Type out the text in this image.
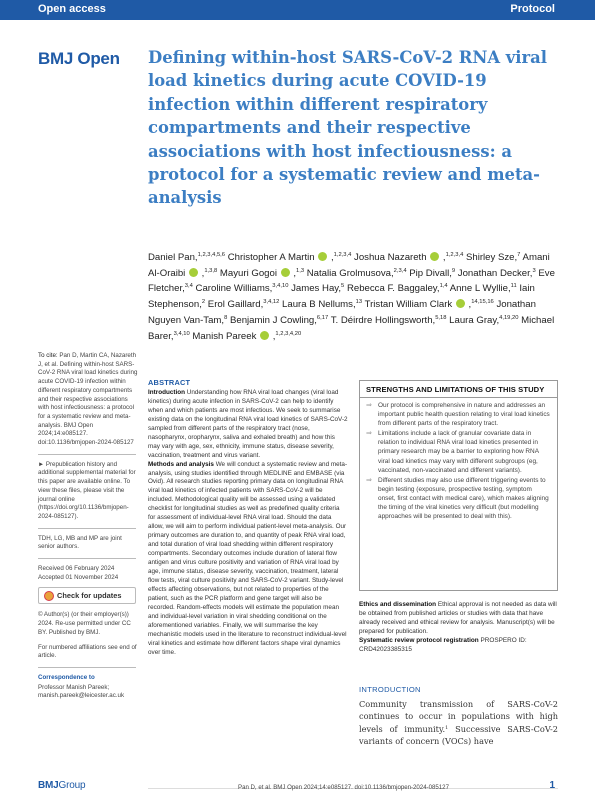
Open access	Protocol
BMJ Open Defining within-host SARS-CoV-2 RNA viral load kinetics during acute COVID-19 infection within different respiratory compartments and their respective associations with host infectiousness: a protocol for a systematic review and meta-analysis
Daniel Pan,$^{1,2,3,4,5,6}$ Christopher A Martin  ,$^{1,2,3,4}$ Joshua Nazareth  ,$^{1,2,3,4}$ Shirley Sze,$^7$ Amani Al-Oraibi  ,$^{1,3,8}$ Mayuri Gogoi  ,$^{1,3}$ Natalia Grolmusova,$^{2,3,4}$ Pip Divall,$^9$ Jonathan Decker,$^3$ Eve Fletcher,$^{3,4}$ Caroline Williams,$^{3,4,10}$ James Hay,$^5$ Rebecca F. Baggaley,$^{1,4}$ Anne L Wyllie,$^{11}$ Iain Stephenson,$^2$ Erol Gaillard,$^{3,4,12}$ Laura B Nellums,$^{13}$ Tristan William Clark  ,$^{14,15,16}$ Jonathan Nguyen Van-Tam,$^8$ Benjamin J Cowling,$^{6,17}$ T. Déirdre Hollingsworth,$^{5,18}$ Laura Gray,$^{4,19,20}$ Michael Barer,$^{3,4,10}$ Manish Pareek  ,$^{1,2,3,4,20}$

To cite: Pan D, Martin CA, Nazareth J, et al. Defining within-host SARS-CoV-2 RNA viral load kinetics during acute COVID-19 infection within different respiratory compartments and their respective associations with host infectiousness: a protocol for a systematic review and meta-analysis. BMJ Open 2024;14:e085127. doi:10.1136/bmjopen-2024-085127

► Prepublication history and additional supplemental material for this paper are available online. To view these files, please visit the journal online (https://doi.org/10.1136/bmjopen-2024-085127).

TDH, LG, MB and MP are joint senior authors.

Received 06 February 2024
Accepted 01 November 2024
Check for updates

© Author(s) (or their employer(s)) 2024. Re-use permitted under CC BY. Published by BMJ.

For numbered affiliations see end of article.

Correspondence to
Professor Manish Pareek;
manish.pareek@leicester.ac.uk
ABSTRACT

Introduction Understanding how RNA viral load changes (viral load kinetics) during acute infection in SARS-CoV-2 can help to identify when and which patients are most infectious. We seek to summarise existing data on the longitudinal RNA viral load kinetics of SARS-CoV-2 sampled from different parts of the respiratory tract (nose, nasopharynx, oropharynx, saliva and exhaled breath) and how this may vary with age, sex, ethnicity, immune status, disease severity, vaccination, treatment and virus variant.

Methods and analysis We will conduct a systematic review and meta-analysis, using studies identified through MEDLINE and EMBASE (via Ovid). All research studies reporting primary data on longitudinal RNA viral load kinetics of infected patients with SARS-CoV-2 will be included. Methodological quality will be assessed using a validated checklist for longitudinal studies as well as predefined quality criteria for assessment of individual-level RNA viral load. Should the data allow, we will aim to perform individual patient-level meta-analysis. Our primary outcomes are duration to, and quantity of peak RNA viral load, and total duration of viral load shedding within different respiratory compartments. Secondary outcomes include duration of lateral flow antigen and virus culture positivity and variation of RNA viral load by age, immune status, disease severity, vaccination, treatment, lateral flow tests, viral culture positivity and SARS-CoV-2 variant. Study-level effects affecting observations, but not related to properties of the patient, such as the PCR platform and gene target will also be recorded. Random-effects models will estimate the population mean and individual-level variation in viral shedding conditional on the aforementioned variables. Finally, we will summarise the key mechanistic models used in the literature to reconstruct individual-level viral kinetics and estimate how different factors shape viral dynamics over time.

STRENGTHS AND LIMITATIONS OF THIS STUDY
⇒ Our protocol is comprehensive in nature and addresses an important public health question relating to viral load kinetics from different parts of the respiratory tract.
⇒ Limitations include a lack of granular covariate data in relation to individual RNA viral load kinetics presented in primary research may be a barrier to exploring how RNA viral load kinetics may vary with different subgroups (eg, vaccinated, non-vaccinated and different variants).
⇒ Different studies may also use different triggering events to begin testing (exposure, prospective testing, symptom onset, first contact with medical care), which makes aligning the timing of the viral kinetics very difficult (but modelling approaches will be presented to deal with this).

Ethics and dissemination Ethical approval is not needed as data will be obtained from published articles or studies with data that have already received and ethical review for analysis. Manuscript(s) will be prepared for publication.

Systematic review protocol registration PROSPERO ID: CRD42023385315

INTRODUCTION

Community transmission of SARS-CoV-2 continues to occur in populations with high levels of immunity.$^1$ Successive SARS-CoV-2 variants of concern (VOCs) have

BMJGroup	Pan D, et al. BMJ Open 2024;14:e085127. doi:10.1136/bmjopen-2024-085127	1
